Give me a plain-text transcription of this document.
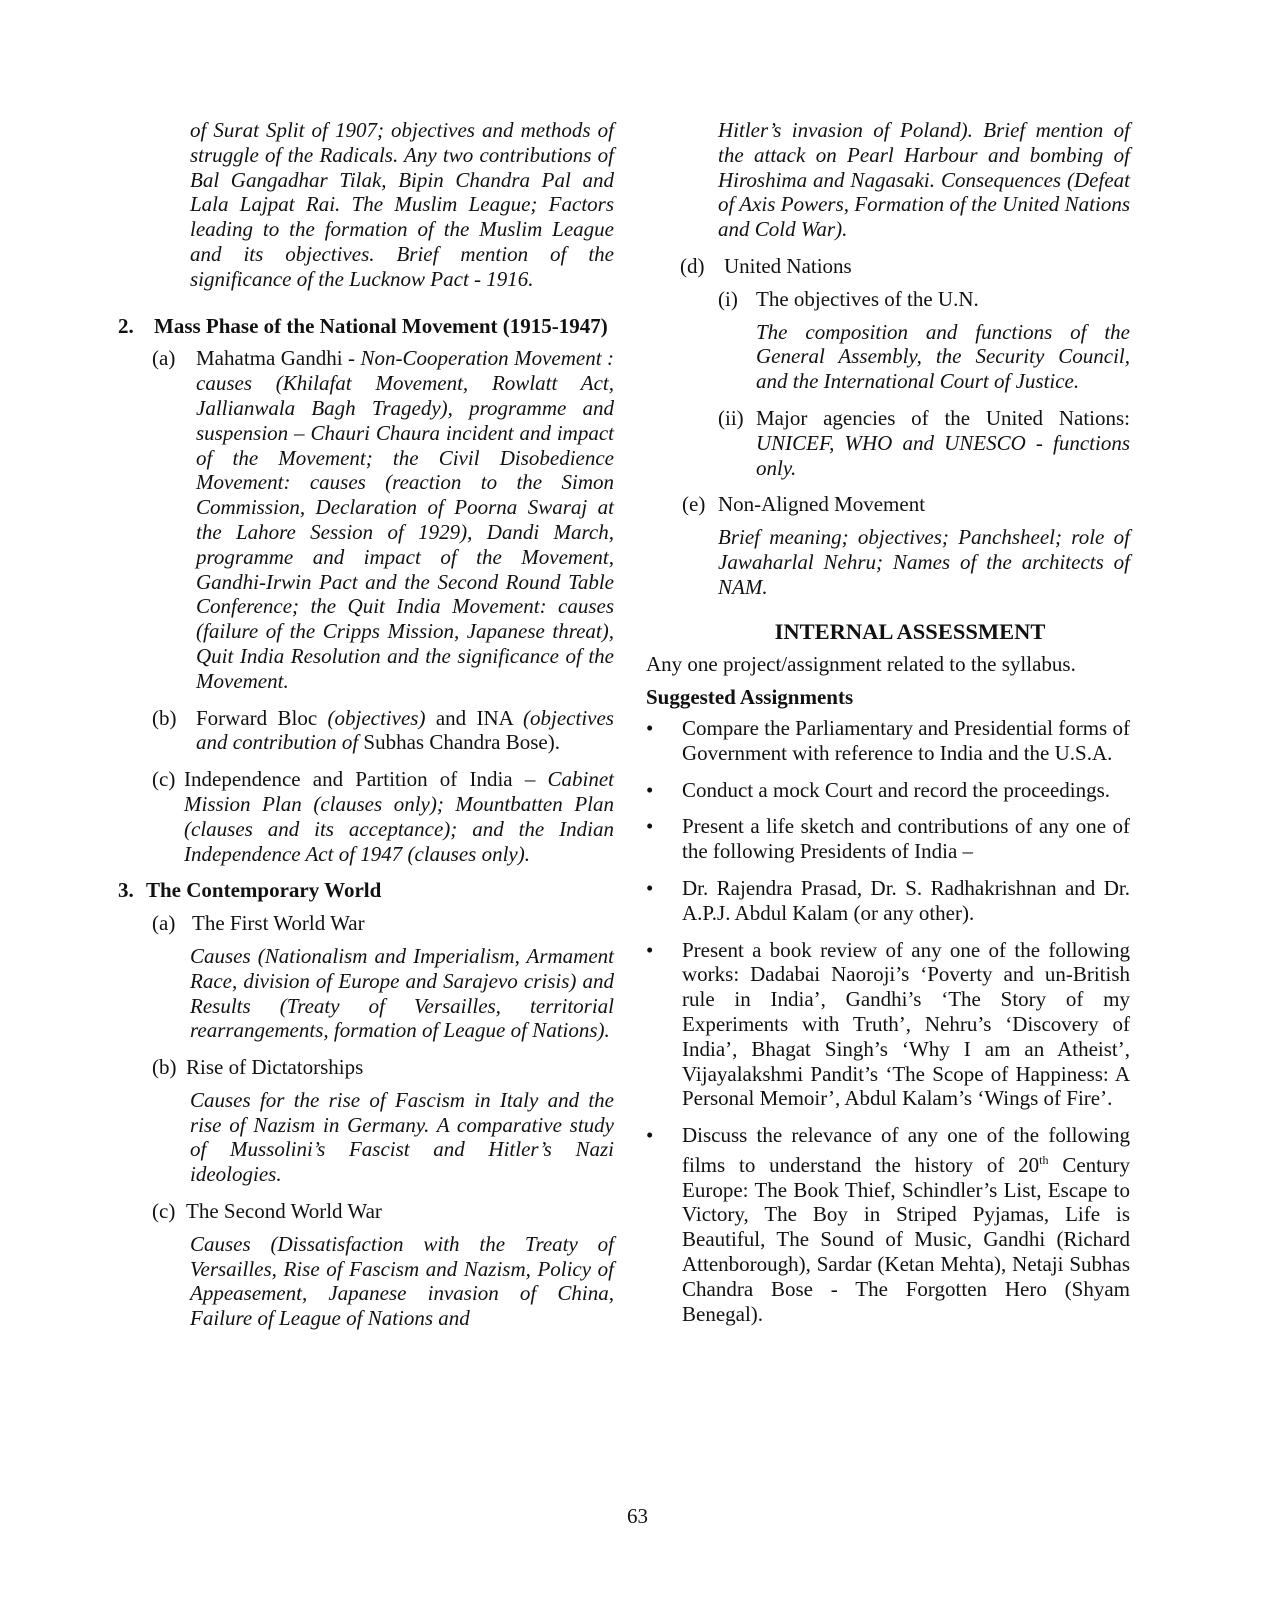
of Surat Split of 1907; objectives and methods of struggle of the Radicals. Any two contributions of Bal Gangadhar Tilak, Bipin Chandra Pal and Lala Lajpat Rai. The Muslim League; Factors leading to the formation of the Muslim League and its objectives. Brief mention of the significance of the Lucknow Pact - 1916.
2. Mass Phase of the National Movement (1915-1947)
(a) Mahatma Gandhi - Non-Cooperation Movement : causes (Khilafat Movement, Rowlatt Act, Jallianwala Bagh Tragedy), programme and suspension – Chauri Chaura incident and impact of the Movement; the Civil Disobedience Movement: causes (reaction to the Simon Commission, Declaration of Poorna Swaraj at the Lahore Session of 1929), Dandi March, programme and impact of the Movement, Gandhi-Irwin Pact and the Second Round Table Conference; the Quit India Movement: causes (failure of the Cripps Mission, Japanese threat), Quit India Resolution and the significance of the Movement.
(b) Forward Bloc (objectives) and INA (objectives and contribution of Subhas Chandra Bose).
(c) Independence and Partition of India – Cabinet Mission Plan (clauses only); Mountbatten Plan (clauses and its acceptance); and the Indian Independence Act of 1947 (clauses only).
3. The Contemporary World
(a) The First World War
Causes (Nationalism and Imperialism, Armament Race, division of Europe and Sarajevo crisis) and Results (Treaty of Versailles, territorial rearrangements, formation of League of Nations).
(b) Rise of Dictatorships
Causes for the rise of Fascism in Italy and the rise of Nazism in Germany. A comparative study of Mussolini’s Fascist and Hitler’s Nazi ideologies.
(c) The Second World War
Causes (Dissatisfaction with the Treaty of Versailles, Rise of Fascism and Nazism, Policy of Appeasement, Japanese invasion of China, Failure of League of Nations and
Hitler’s invasion of Poland). Brief mention of the attack on Pearl Harbour and bombing of Hiroshima and Nagasaki. Consequences (Defeat of Axis Powers, Formation of the United Nations and Cold War).
(d) United Nations
(i) The objectives of the U.N.
The composition and functions of the General Assembly, the Security Council, and the International Court of Justice.
(ii) Major agencies of the United Nations: UNICEF, WHO and UNESCO - functions only.
(e) Non-Aligned Movement
Brief meaning; objectives; Panchsheel; role of Jawaharlal Nehru; Names of the architects of NAM.
INTERNAL ASSESSMENT
Any one project/assignment related to the syllabus.
Suggested Assignments
•	Compare the Parliamentary and Presidential forms of Government with reference to India and the U.S.A.
•	Conduct a mock Court and record the proceedings.
•	Present a life sketch and contributions of any one of the following Presidents of India –
•	Dr. Rajendra Prasad, Dr. S. Radhakrishnan and Dr. A.P.J. Abdul Kalam (or any other).
•	Present a book review of any one of the following works: Dadabai Naoroji’s ‘Poverty and un-British rule in India’, Gandhi’s ‘The Story of my Experiments with Truth’, Nehru’s ‘Discovery of India’, Bhagat Singh’s ‘Why I am an Atheist’, Vijayalakshmi Pandit’s ‘The Scope of Happiness: A Personal Memoir’, Abdul Kalam’s ‘Wings of Fire’.
•	Discuss the relevance of any one of the following films to understand the history of 20th Century Europe: The Book Thief, Schindler’s List, Escape to Victory, The Boy in Striped Pyjamas, Life is Beautiful, The Sound of Music, Gandhi (Richard Attenborough), Sardar (Ketan Mehta), Netaji Subhas Chandra Bose - The Forgotten Hero (Shyam Benegal).
63
